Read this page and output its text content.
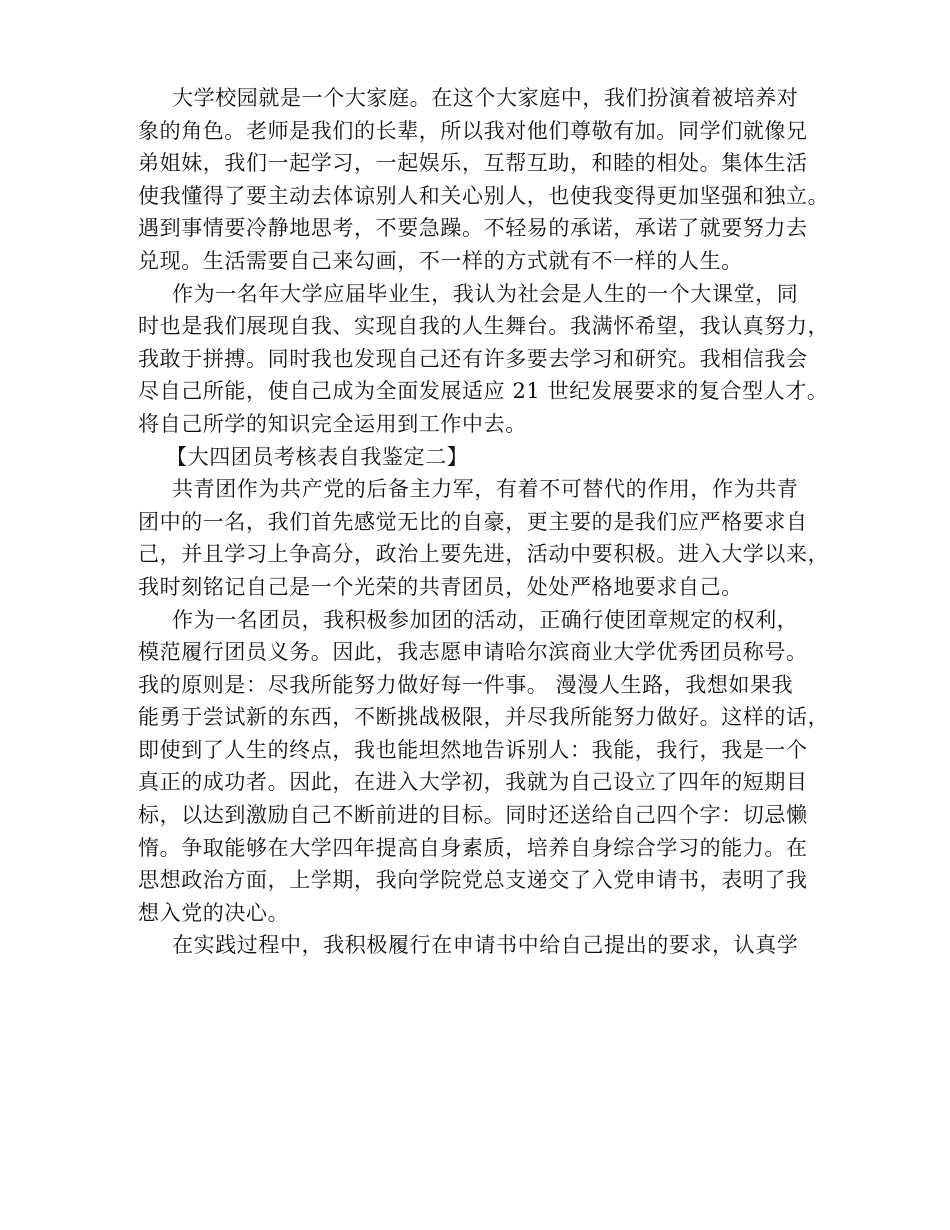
大学校园就是一个大家庭。在这个大家庭中，我们扮演着被培养对
象的角色。老师是我们的长辈，所以我对他们尊敬有加。同学们就像兄
弟姐妹，我们一起学习，一起娱乐，互帮互助，和睦的相处。集体生活
使我懂得了要主动去体谅别人和关心别人，也使我变得更加坚强和独立。
遇到事情要冷静地思考，不要急躁。不轻易的承诺，承诺了就要努力去
兑现。生活需要自己来勾画，不一样的方式就有不一样的人生。
作为一名年大学应届毕业生，我认为社会是人生的一个大课堂，同
时也是我们展现自我、实现自我的人生舞台。我满怀希望，我认真努力，
我敢于拼搏。同时我也发现自己还有许多要去学习和研究。我相信我会
尽自己所能，使自己成为全面发展适应 21 世纪发展要求的复合型人才。
将自己所学的知识完全运用到工作中去。
【大四团员考核表自我鉴定二】
共青团作为共产党的后备主力军，有着不可替代的作用，作为共青
团中的一名，我们首先感觉无比的自豪，更主要的是我们应严格要求自
己，并且学习上争高分，政治上要先进，活动中要积极。进入大学以来，
我时刻铭记自己是一个光荣的共青团员，处处严格地要求自己。
作为一名团员，我积极参加团的活动，正确行使团章规定的权利，
模范履行团员义务。因此，我志愿申请哈尔滨商业大学优秀团员称号。
我的原则是：尽我所能努力做好每一件事。 漫漫人生路，我想如果我
能勇于尝试新的东西，不断挑战极限，并尽我所能努力做好。这样的话，
即使到了人生的终点，我也能坦然地告诉别人：我能，我行，我是一个
真正的成功者。因此，在进入大学初，我就为自己设立了四年的短期目
标，以达到激励自己不断前进的目标。同时还送给自己四个字：切忌懒
惰。争取能够在大学四年提高自身素质，培养自身综合学习的能力。在
思想政治方面，上学期，我向学院党总支递交了入党申请书，表明了我
想入党的决心。
在实践过程中，我积极履行在申请书中给自己提出的要求，认真学
